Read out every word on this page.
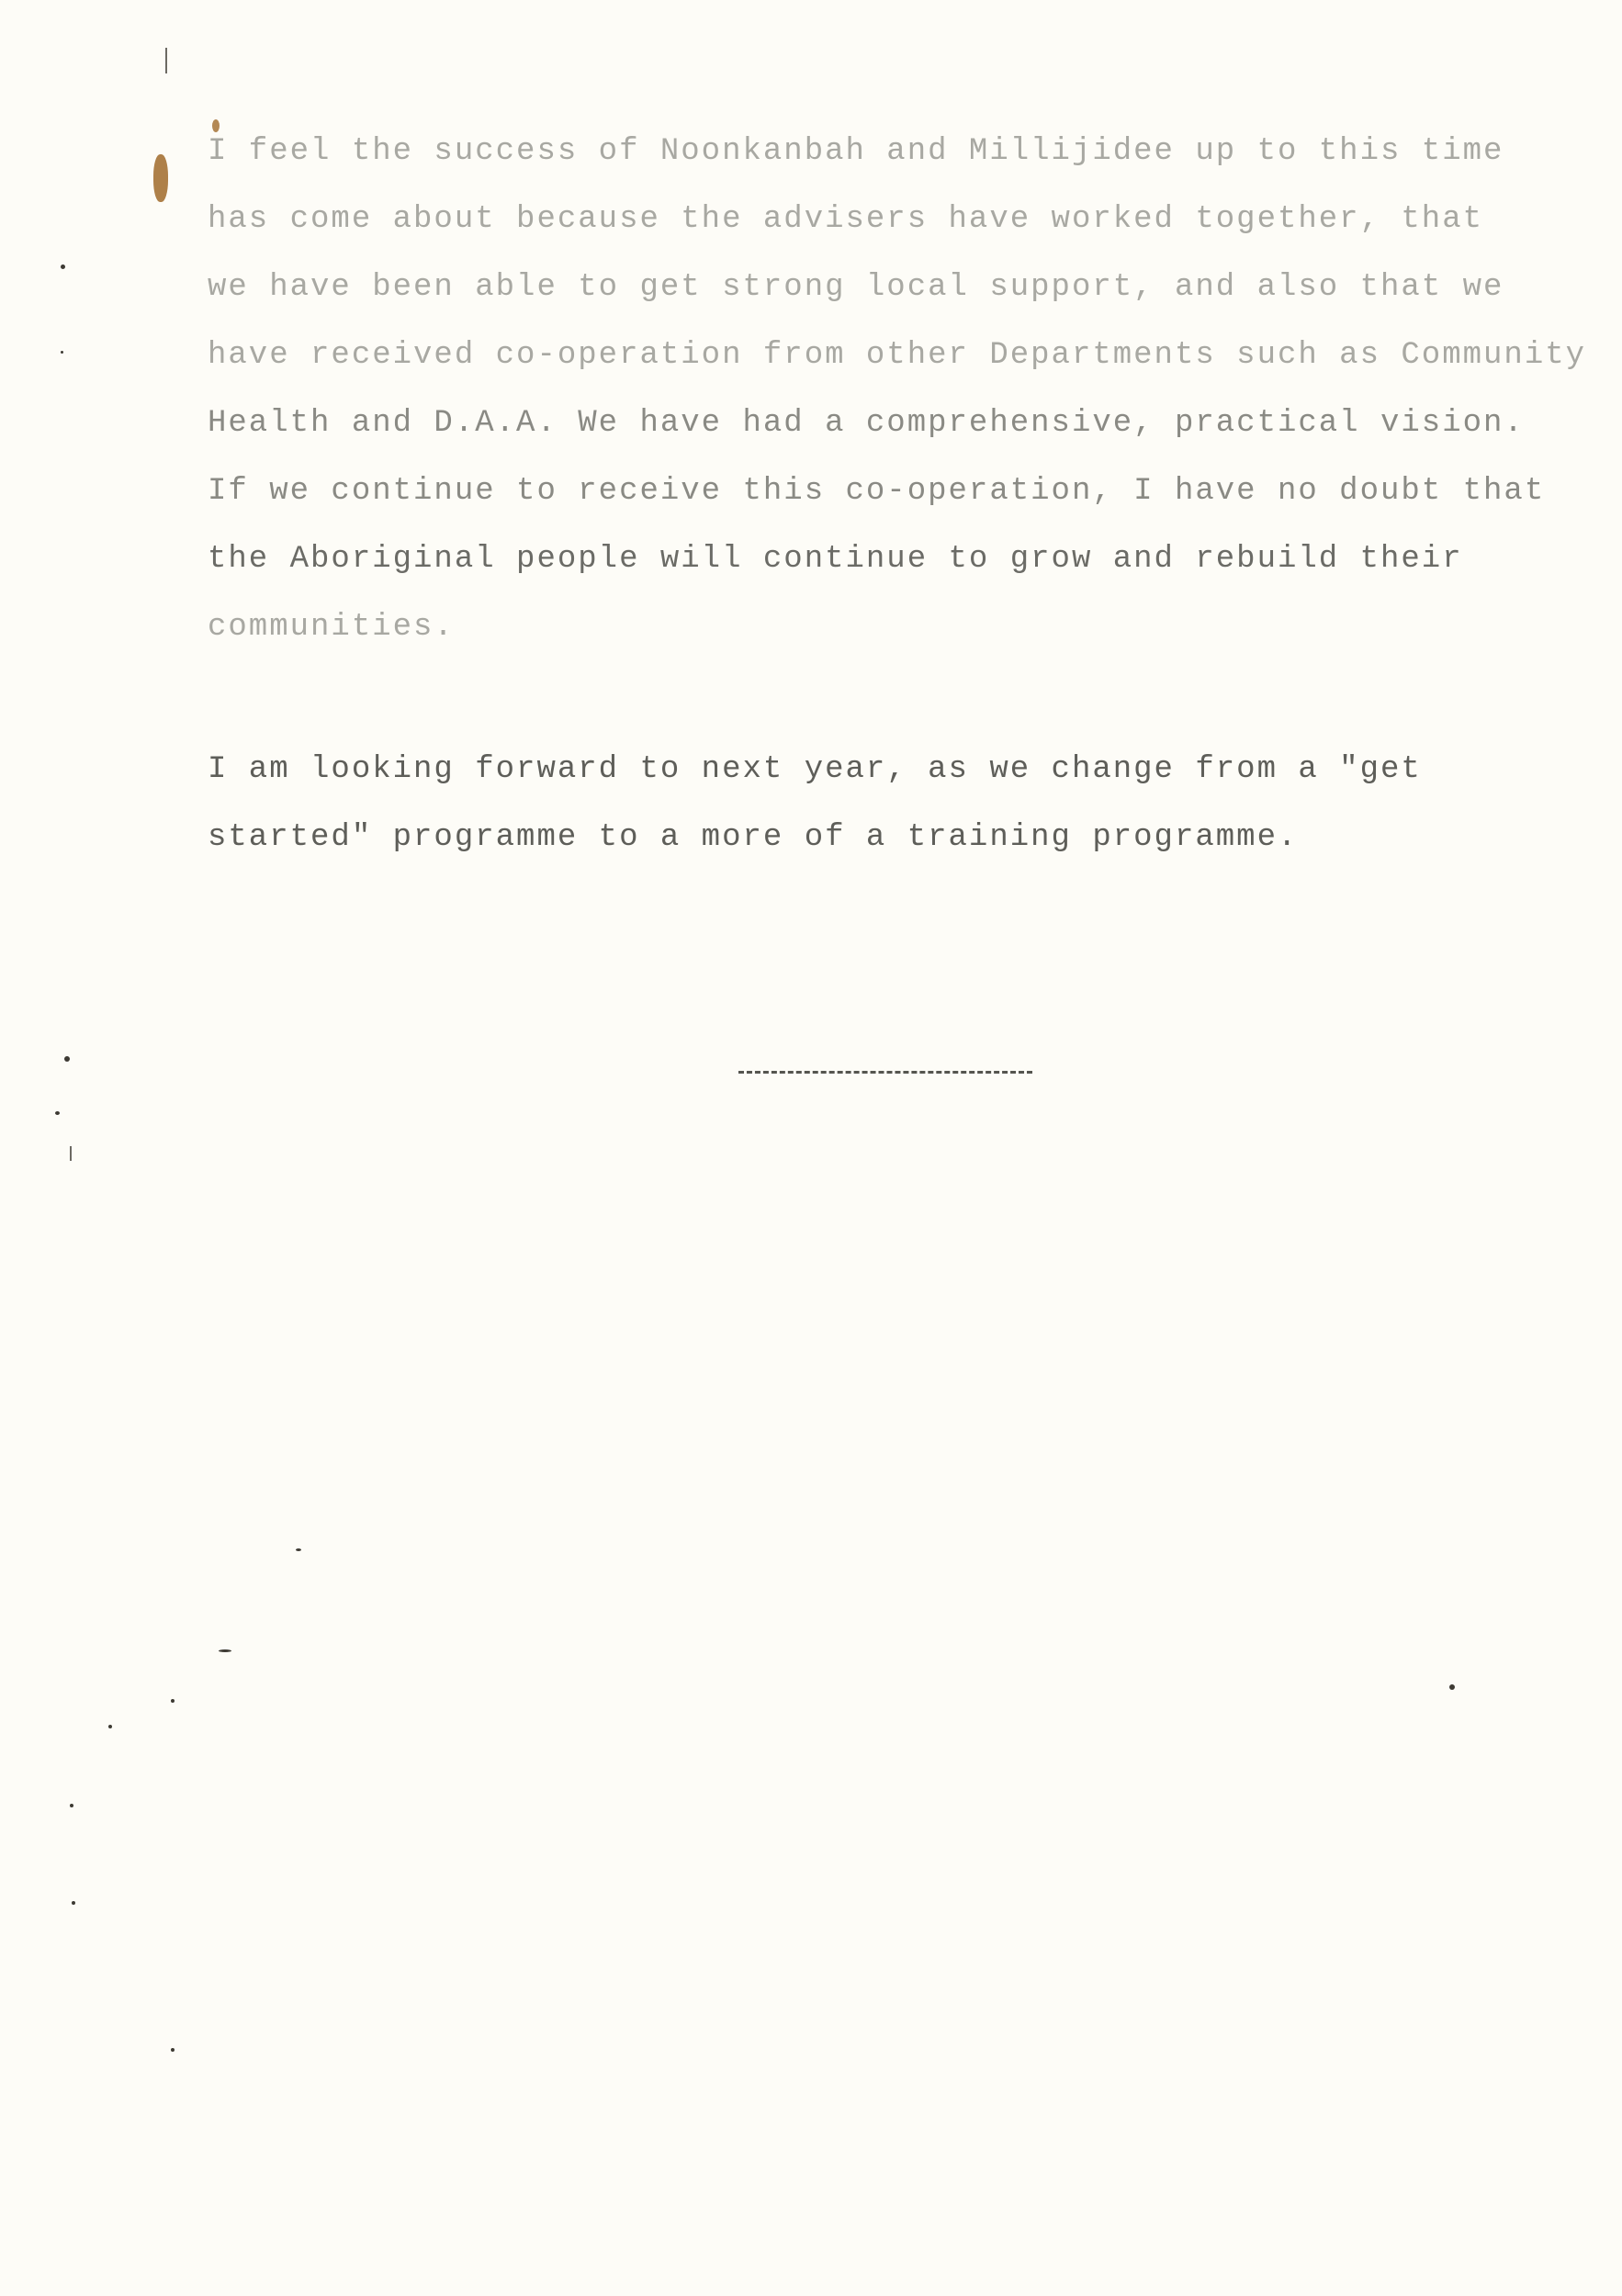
I feel the success of Noonkanbah and Millijidee up to this time
has come about because the advisers have worked together, that
we have been able to get strong local support, and also that we
have received co-operation from other Departments such as Community
Health and D.A.A. We have had a comprehensive, practical vision.
If we continue to receive this co-operation, I have no doubt that
the Aboriginal people will continue to grow and rebuild their
communities.
I am looking forward to next year, as we change from a "get
started" programme to a more of a training programme.
